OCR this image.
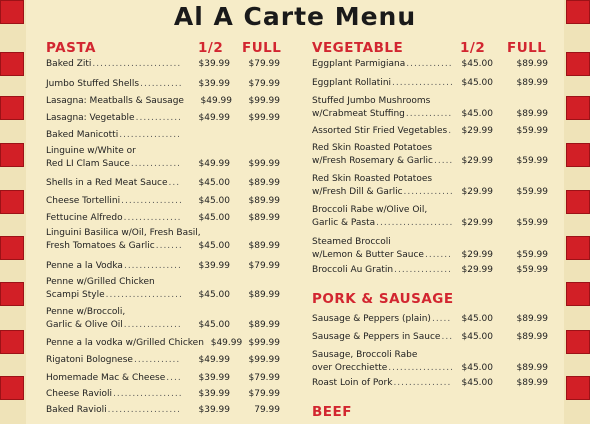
Al A Carte Menu
PASTA	1/2 FULL
Baked Ziti .....	$39.99	$79.99
Jumbo Stuffed Shells .....	$39.99	$79.99
Lasagna: Meatballs & Sausage	$49.99	$99.99
Lasagna: Vegetable .....	$49.99	$99.99
Baked Manicotti
.....
Linguine w/White or
Red LI Clam Sauce .....	$49.99	$99.99
Shells in a Red Meat Sauce .....	$45.00	$89.99
Cheese Tortellini .....	$45.00	$89.99
Fettucine Alfredo .....	$45.00	$89.99
Linguini Basilica w/Oil, Fresh Basil,
Fresh Tomatoes & Garlic .....	$45.00	$89.99
Penne a la Vodka .....	$39.99	$79.99
Penne w/Grilled Chicken
Scampi Style .....	$45.00	$89.99
Penne w/Broccoli,
Garlic & Olive Oil .....	$45.00	$89.99
Penne a la vodka w/Grilled Chicken $49.99 $99.99
Rigatoni Bolognese .....	$49.99	$99.99
Homemade Mac & Cheese .....	$39.99	$79.99
Cheese Ravioli .....	$39.99	$79.99
Baked Ravioli .....	$39.99	79.99
VEGETABLE	1/2 FULL
Eggplant Parmigiana .....	$45.00	$89.99
Eggplant Rollatini .....	$45.00	$89.99
Stuffed Jumbo Mushrooms
w/Crabmeat Stuffing .....	$45.00	$89.99
Assorted Stir Fried Vegetables .....	$29.99	$59.99
Red Skin Roasted Potatoes
w/Fresh Rosemary & Garlic .....	$29.99	$59.99
Red Skin Roasted Potatoes
w/Fresh Dill & Garlic .....	$29.99	$59.99
Broccoli Rabe w/Olive Oil,
Garlic & Pasta .....	$29.99	$59.99
Steamed Broccoli
w/Lemon & Butter Sauce .....	$29.99	$59.99
Broccoli Au Gratin .....	$29.99	$59.99
PORK & SAUSAGE
Sausage & Peppers (plain) .....	$45.00	$89.99
Sausage & Peppers in Sauce .....	$45.00	$89.99
Sausage, Broccoli Rabe
over Orecchiette .....	$45.00	$89.99
Roast Loin of Pork .....	$45.00	$89.99
BEEF
